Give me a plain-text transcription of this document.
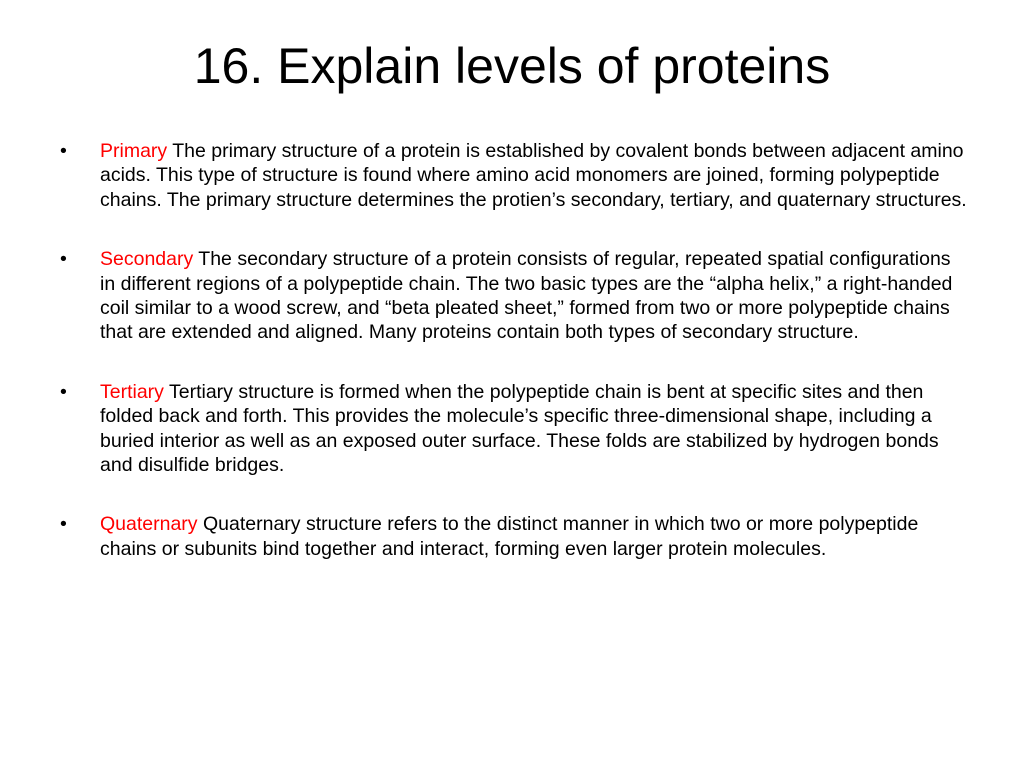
16. Explain levels of proteins
•	Primary The primary structure of a protein is established by covalent bonds between adjacent amino acids. This type of structure is found where amino acid monomers are joined, forming polypeptide chains. The primary structure determines the protien’s secondary, tertiary, and quaternary structures.
•	Secondary The secondary structure of a protein consists of regular, repeated spatial configurations in different regions of a polypeptide chain. The two basic types are the “alpha helix,” a right-handed coil similar to a wood screw, and “beta pleated sheet,” formed from two or more polypeptide chains that are extended and aligned. Many proteins contain both types of secondary structure.
•	Tertiary Tertiary structure is formed when the polypeptide chain is bent at specific sites and then folded back and forth. This provides the molecule’s specific three-dimensional shape, including a buried interior as well as an exposed outer surface. These folds are stabilized by hydrogen bonds and disulfide bridges.
•	Quaternary Quaternary structure refers to the distinct manner in which two or more polypeptide chains or subunits bind together and interact, forming even larger protein molecules.
